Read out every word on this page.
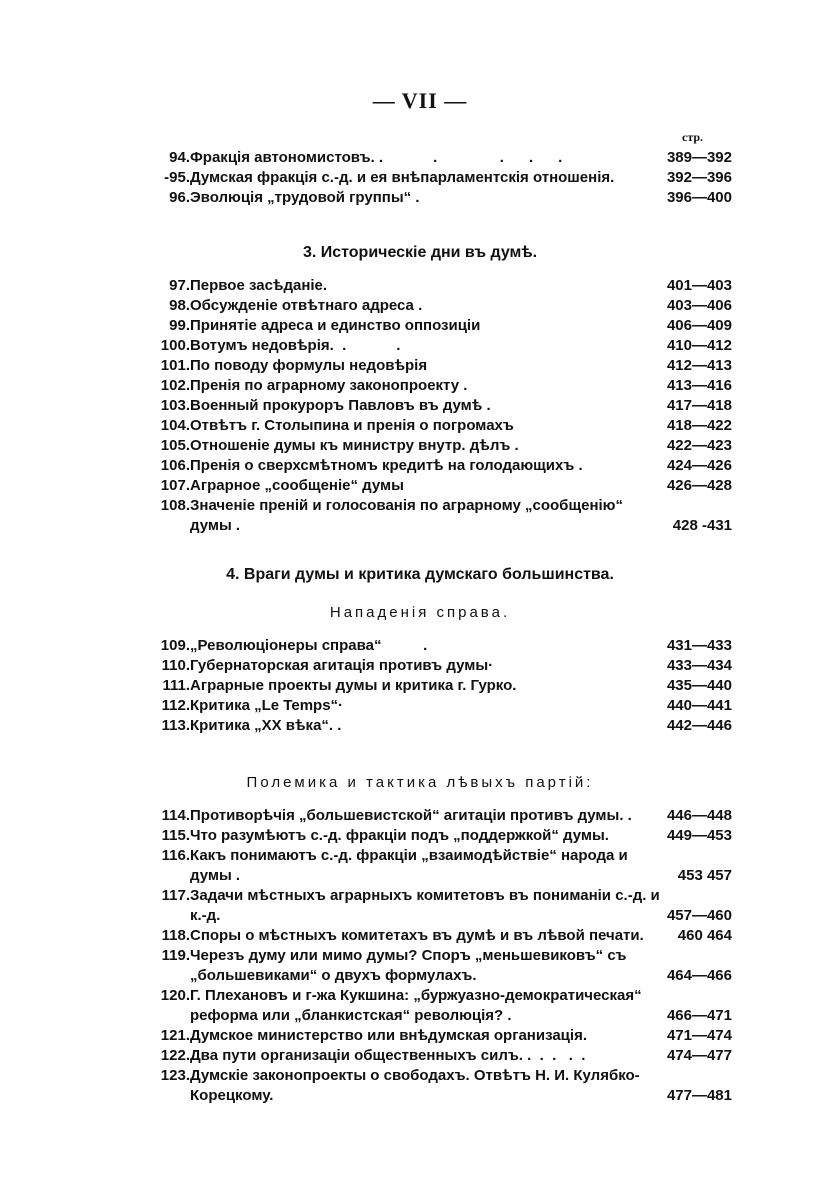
— VII —
стр.
94. Фракція автономистовъ. .            .               .      .      .	389—392
-95. Думская фракція с.-д. и ея внѣпарламентскія отношенія.	392—396
96. Эволюція „трудовой группы“ .	396—400
3. Историческіе дни въ думѣ.
97. Первое засѣданіе.	401—403
98. Обсужденіе отвѣтнаго адреса .	403—406
99. Принятіе адреса и единство оппозиціи	406—409
100. Вотумъ недовѣрія.  .            .	410—412
101. По поводу формулы недовѣрія	412—413
102. Пренія по аграрному законопроекту .	413—416
103. Военный прокуроръ Павловъ въ думѣ .	417—418
104. Отвѣтъ г. Столыпина и пренія о погромахъ	418—422
105. Отношеніе думы къ министру внутр. дѣлъ .	422—423
106. Пренія о сверхсмѣтномъ кредитѣ на голодающихъ .	424—426
107. Аграрное „сообщеніе“ думы	426—428
108. Значеніе преній и голосованія по аграрному „сообщенію“ думы .	428 -431
4. Враги думы и критика думскаго большинства.
Нападенія справа.
109. „Революціонеры справа“          .	431—433
110. Губернаторская агитація противъ думы·	433—434
111. Аграрные проекты думы и критика г. Гурко.	435—440
112. Критика „Le Temps“·	440—441
113. Критика „ХХ вѣка“. .	442—446
Полемика и тактика лѣвыхъ партій:
114. Противорѣчія „большевистской“ агитаціи противъ думы. .	446—448
115. Что разумѣютъ с.-д. фракціи подъ „поддержкой“ думы.	449—453
116. Какъ понимаютъ с.-д. фракціи „взаимодѣйствіе“ народа и думы .	453 457
117. Задачи мѣстныхъ аграрныхъ комитетовъ въ пониманіи с.-д. и к.-д.	457—460
118. Споры о мѣстныхъ комитетахъ въ думѣ и въ лѣвой печати.	460 464
119. Черезъ думу или мимо думы? Споръ „меньшевиковъ“ съ „большевиками“ о двухъ формулахъ.	464—466
120. Г. Плехановъ и г-жа Кукшина: „буржуазно-демократическая“ реформа или „бланкистская“ революція? .	466—471
121. Думское министерство или внѣдумская организація.	471—474
122. Два пути организаціи общественныхъ силъ. .  .  .   .  .	474—477
123. Думскіе законопроекты о свободахъ. Отвѣтъ Н. И. Кулябко-Корецкому.	477—481
